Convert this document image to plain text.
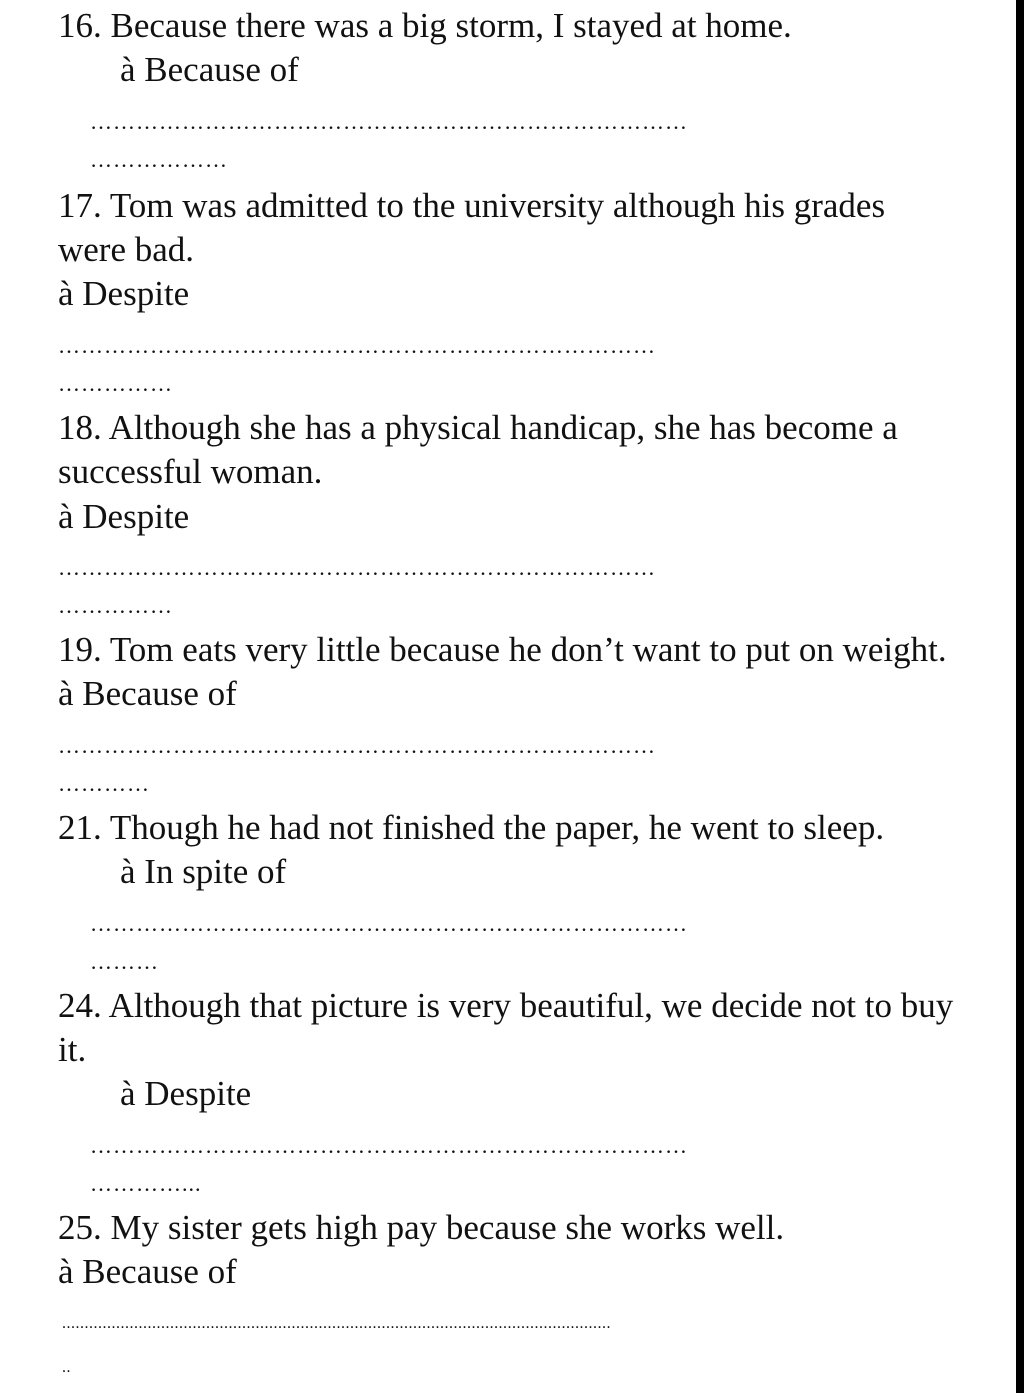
16. Because there was a big storm, I stayed at home.
à Because of
……………………………………………………………………
………………
17. Tom was admitted to the university although his grades
were bad.
à Despite
……………………………………………………………………
……………
18. Although she has a physical handicap, she has become a
successful woman.
à Despite
……………………………………………………………………
……………
19. Tom eats very little because he don’t want to put on weight.
à Because of
……………………………………………………………………
…………
21. Though he had not finished the paper, he went to sleep.
à In spite of
……………………………………………………………………
………
24. Although that picture is very beautiful, we decide not to buy
it.
à Despite
……………………………………………………………………
…………...
25. My sister gets high pay because she works well.
à Because of
..........................................................................................................................
..
